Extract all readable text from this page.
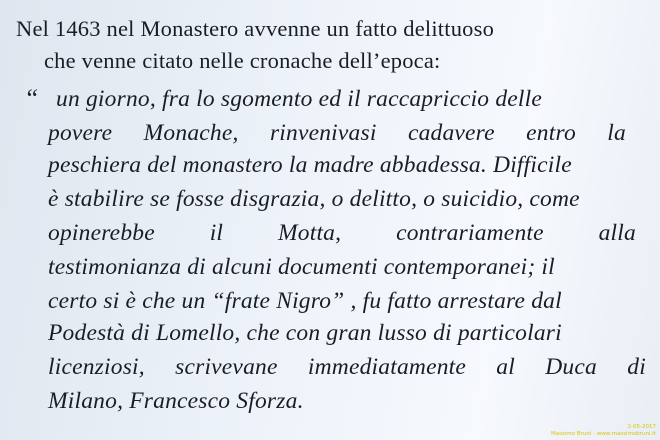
Nel 1463 nel Monastero avvenne un fatto delittuoso
che venne citato nelle cronache dell’epoca:
“ un giorno, fra lo sgomento ed il raccapriccio delle
povere Monache, rinvenivasi cadavere entro la
peschiera del monastero la madre abbadessa. Difficile
è stabilire se fosse disgrazia, o delitto, o suicidio, come
opinerebbe il Motta, contrariamente alla
testimonianza di alcuni documenti contemporanei; il
certo si è che un “frate Nigro” , fu fatto arrestare dal
Podestà di Lomello, che con gran lusso di particolari
licenziosi, scrivevane immediatamente al Duca di
Milano, Francesco Sforza.
2-05-2017
Massimo Bruni - www.massimobruni.it
